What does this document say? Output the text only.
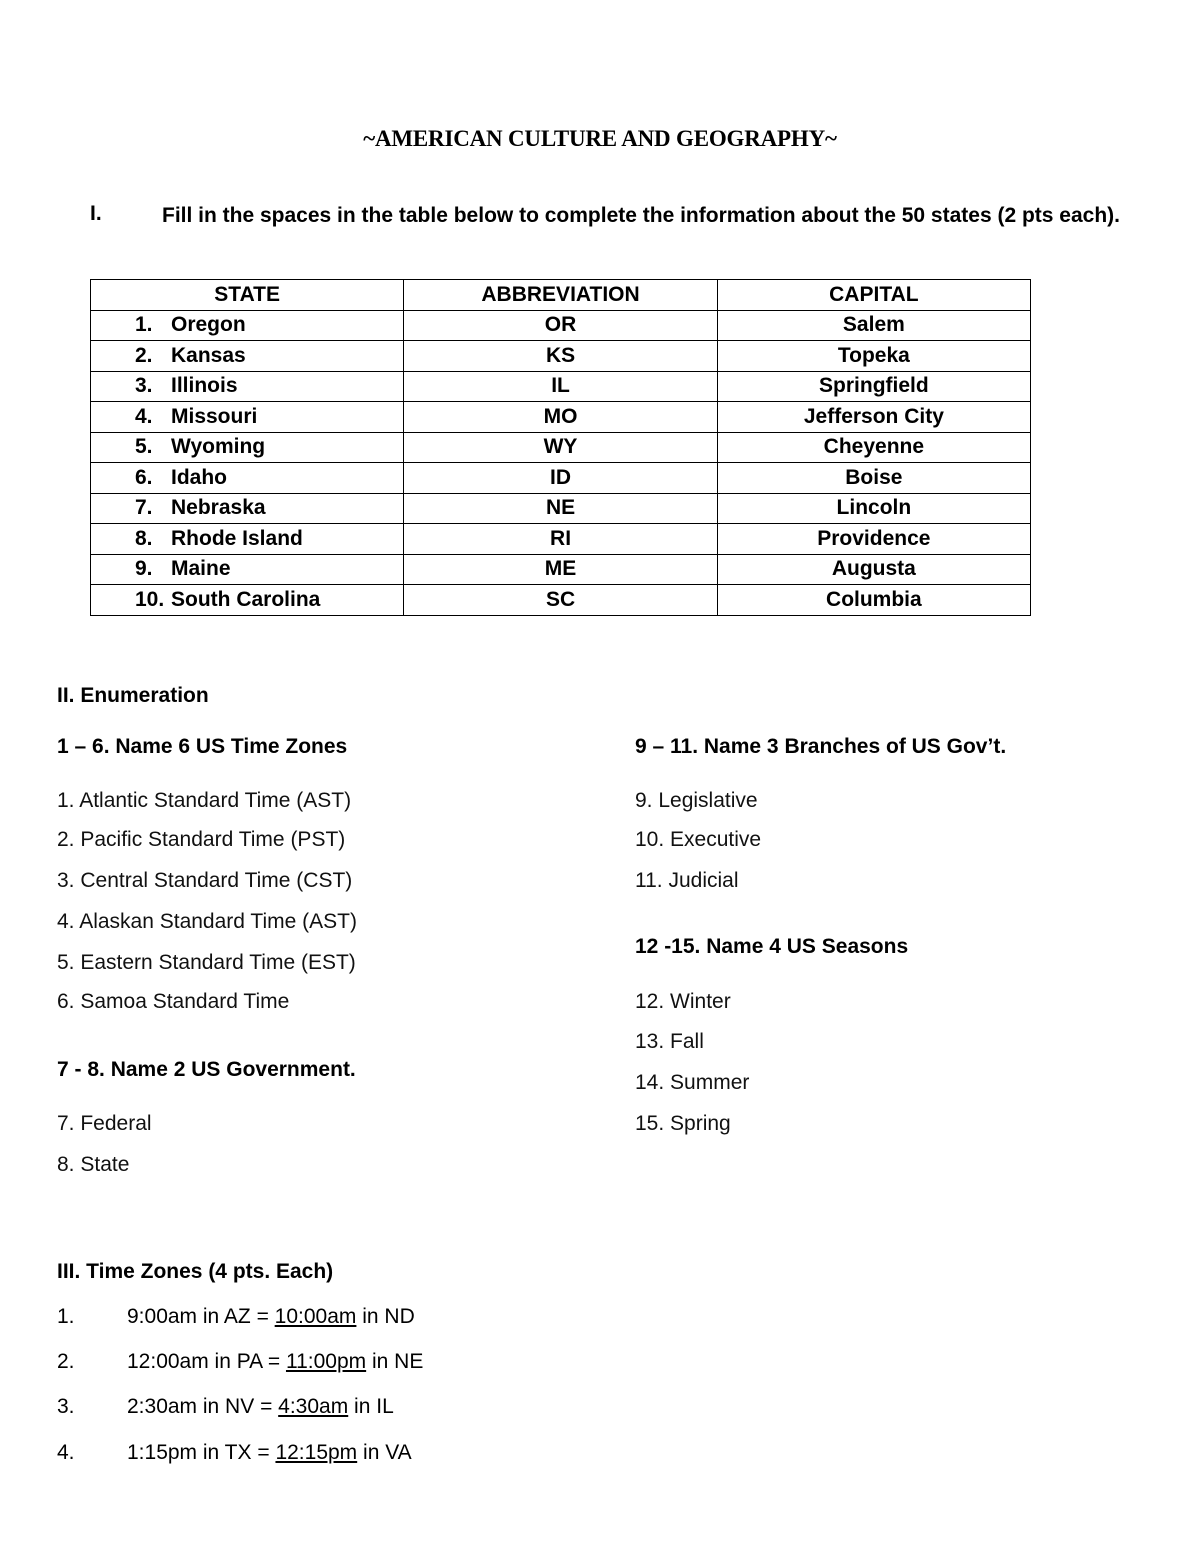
~AMERICAN CULTURE AND GEOGRAPHY~
I.	Fill in the spaces in the table below to complete the information about the 50 states (2 pts each).
STATE	ABBREVIATION	CAPITAL
1. Oregon	OR	Salem
2. Kansas	KS	Topeka
3. Illinois	IL	Springfield
4. Missouri	MO	Jefferson City
5. Wyoming	WY	Cheyenne
6. Idaho	ID	Boise
7. Nebraska	NE	Lincoln
8. Rhode Island	RI	Providence
9. Maine	ME	Augusta
10. South Carolina	SC	Columbia
II. Enumeration
1 – 6. Name 6 US Time Zones
1. Atlantic Standard Time (AST)
2. Pacific Standard Time (PST)
3. Central Standard Time (CST)
4. Alaskan Standard Time (AST)
5. Eastern Standard Time (EST)
6. Samoa Standard Time
7 - 8. Name 2 US Government.
7. Federal
8. State
9 – 11. Name 3 Branches of US Gov’t.
9. Legislative
10. Executive
11. Judicial
12 -15. Name 4 US Seasons
12. Winter
13. Fall
14. Summer
15. Spring
III. Time Zones (4 pts. Each)
1. 9:00am in AZ = 10:00am in ND
2. 12:00am in PA = 11:00pm in NE
3. 2:30am in NV = 4:30am in IL
4. 1:15pm in TX = 12:15pm in VA
